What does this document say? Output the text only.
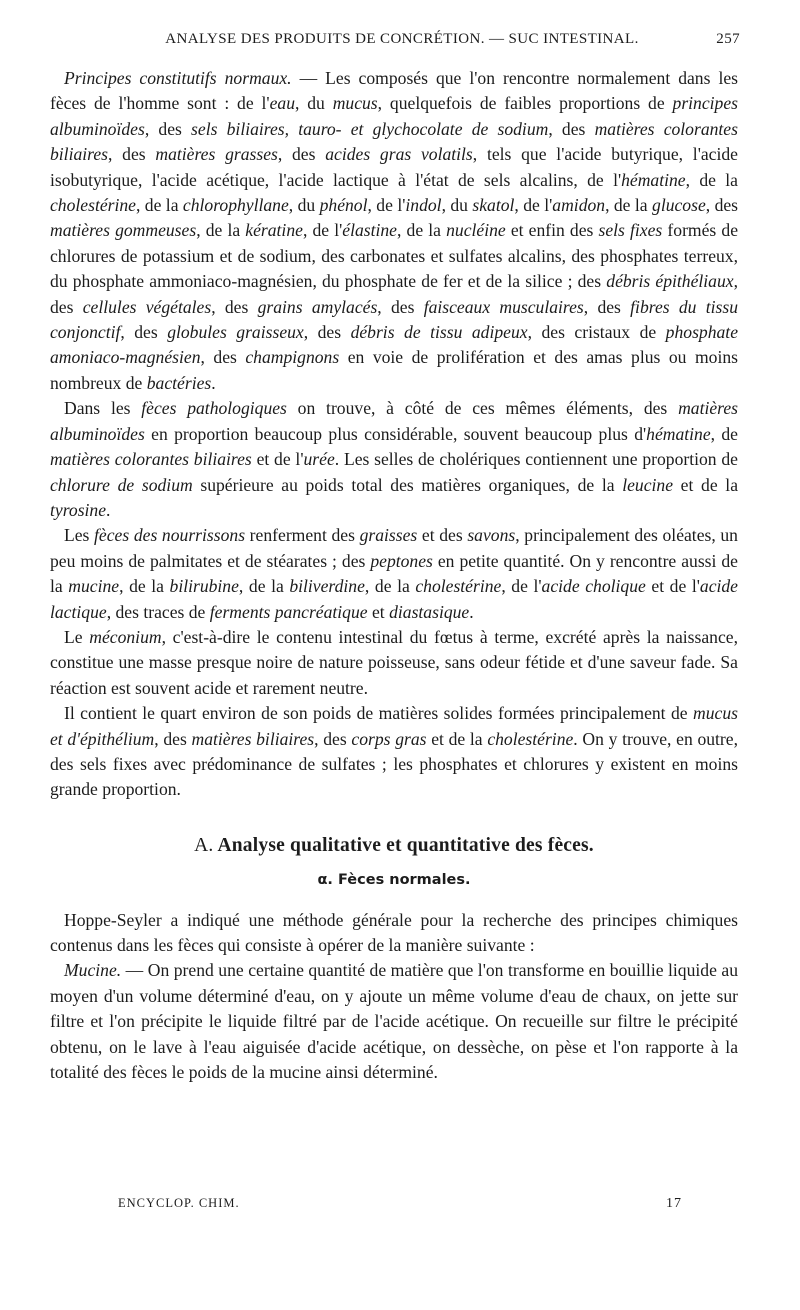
ANALYSE DES PRODUITS DE CONCRÉTION. — SUC INTESTINAL.	257

Principes constitutifs normaux. — Les composés que l'on rencontre normalement dans les fèces de l'homme sont : de l'eau, du mucus, quelquefois de faibles proportions de principes albuminoïdes, des sels biliaires, tauro- et glychocolate de sodium, des matières colorantes biliaires, des matières grasses, des acides gras volatils, tels que l'acide butyrique, l'acide isobutyrique, l'acide acétique, l'acide lactique à l'état de sels alcalins, de l'hématine, de la cholestérine, de la chlorophyllane, du phénol, de l'indol, du skatol, de l'amidon, de la glucose, des matières gommeuses, de la kératine, de l'élastine, de la nucléine et enfin des sels fixes formés de chlorures de potassium et de sodium, des carbonates et sulfates alcalins, des phosphates terreux, du phosphate ammoniaco-magnésien, du phosphate de fer et de la silice ; des débris épithéliaux, des cellules végétales, des grains amylacés, des faisceaux musculaires, des fibres du tissu conjonctif, des globules graisseux, des débris de tissu adipeux, des cristaux de phosphate amoniaco-magnésien, des champignons en voie de prolifération et des amas plus ou moins nombreux de bactéries.

Dans les fèces pathologiques on trouve, à côté de ces mêmes éléments, des matières albuminoïdes en proportion beaucoup plus considérable, souvent beaucoup plus d'hématine, de matières colorantes biliaires et de l'urée. Les selles de cholériques contiennent une proportion de chlorure de sodium supérieure au poids total des matières organiques, de la leucine et de la tyrosine.

Les fèces des nourrissons renferment des graisses et des savons, principalement des oléates, un peu moins de palmitates et de stéarates ; des peptones en petite quantité. On y rencontre aussi de la mucine, de la bilirubine, de la biliverdine, de la cholestérine, de l'acide cholique et de l'acide lactique, des traces de ferments pancréatique et diastasique.

Le méconium, c'est-à-dire le contenu intestinal du fœtus à terme, excrété après la naissance, constitue une masse presque noire de nature poisseuse, sans odeur fétide et d'une saveur fade. Sa réaction est souvent acide et rarement neutre.

Il contient le quart environ de son poids de matières solides formées principalement de mucus et d'épithélium, des matières biliaires, des corps gras et de la cholestérine. On y trouve, en outre, des sels fixes avec prédominance de sulfates ; les phosphates et chlorures y existent en moins grande proportion.

A. Analyse qualitative et quantitative des fèces.
α. Fèces normales.

Hoppe-Seyler a indiqué une méthode générale pour la recherche des principes chimiques contenus dans les fèces qui consiste à opérer de la manière suivante :

Mucine. — On prend une certaine quantité de matière que l'on transforme en bouillie liquide au moyen d'un volume déterminé d'eau, on y ajoute un même volume d'eau de chaux, on jette sur filtre et l'on précipite le liquide filtré par de l'acide acétique. On recueille sur filtre le précipité obtenu, on le lave à l'eau aiguisée d'acide acétique, on dessèche, on pèse et l'on rapporte à la totalité des fèces le poids de la mucine ainsi déterminé.

ENCYCLOP. CHIM.	17
